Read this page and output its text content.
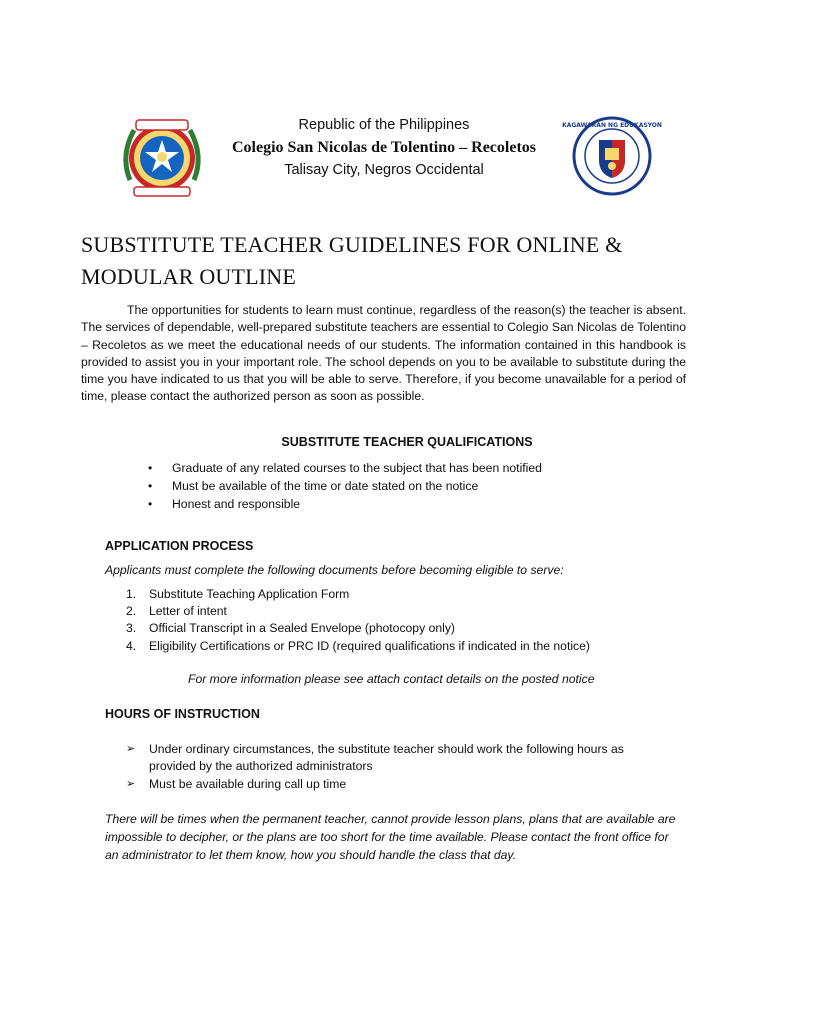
Republic of the Philippines
Colegio San Nicolas de Tolentino – Recoletos
Talisay City, Negros Occidental
KAGAWARAN NG EDUKASYON
SUBSTITUTE TEACHER GUIDELINES FOR ONLINE &
MODULAR OUTLINE
The opportunities for students to learn must continue, regardless of the reason(s) the teacher is absent. The services of dependable, well-prepared substitute teachers are essential to Colegio San Nicolas de Tolentino – Recoletos as we meet the educational needs of our students. The information contained in this handbook is provided to assist you in your important role. The school depends on you to be available to substitute during the time you have indicated to us that you will be able to serve. Therefore, if you become unavailable for a period of time, please contact the authorized person as soon as possible.
SUBSTITUTE TEACHER QUALIFICATIONS
• Graduate of any related courses to the subject that has been notified
• Must be available of the time or date stated on the notice
• Honest and responsible
APPLICATION PROCESS
Applicants must complete the following documents before becoming eligible to serve:
1. Substitute Teaching Application Form
2. Letter of intent
3. Official Transcript in a Sealed Envelope (photocopy only)
4. Eligibility Certifications or PRC ID (required qualifications if indicated in the notice)
For more information please see attach contact details on the posted notice
HOURS OF INSTRUCTION
➢ Under ordinary circumstances, the substitute teacher should work the following hours as provided by the authorized administrators
➢ Must be available during call up time
There will be times when the permanent teacher, cannot provide lesson plans, plans that are available are impossible to decipher, or the plans are too short for the time available. Please contact the front office for an administrator to let them know, how you should handle the class that day.
